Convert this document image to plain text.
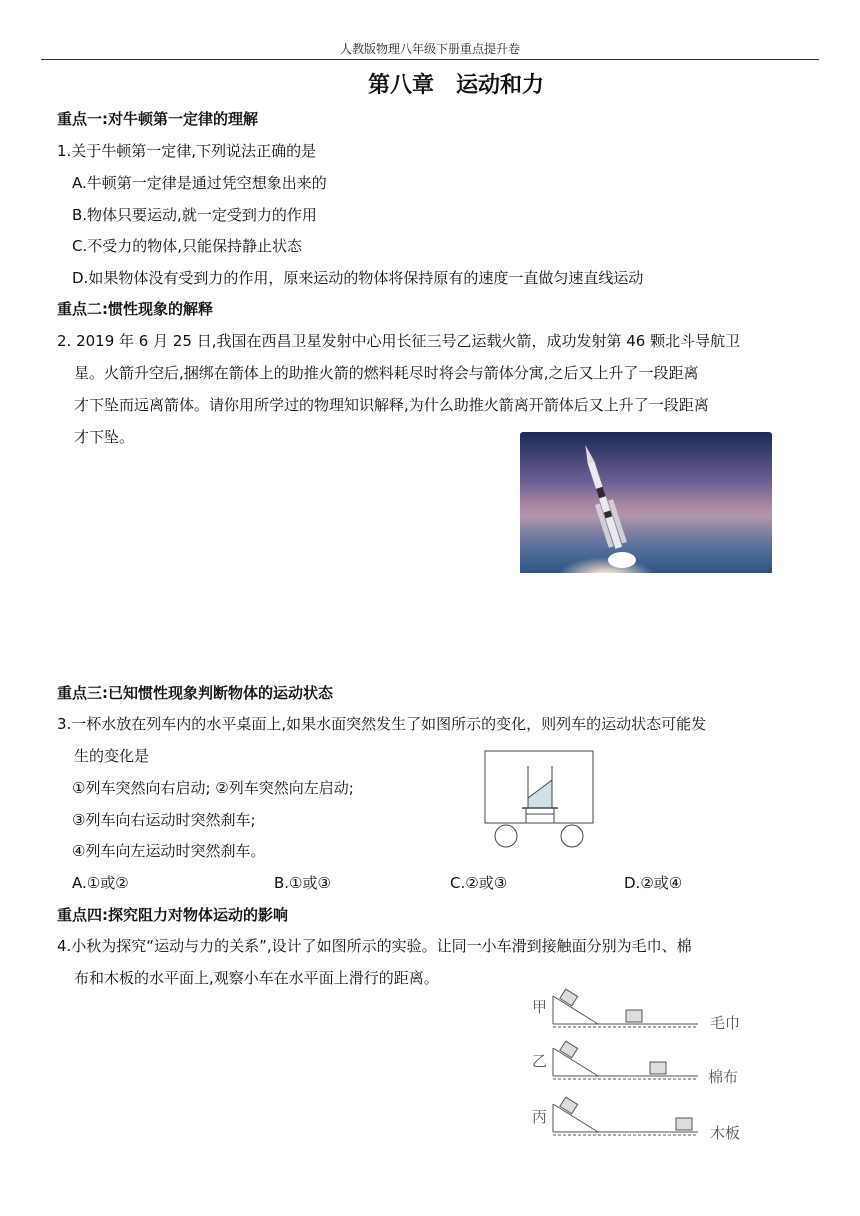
人教版物理八年级下册重点提升卷
第八章 运动和力
重点一:对牛顿第一定律的理解
1.关于牛顿第一定律,下列说法正确的是
A.牛顿第一定律是通过凭空想象出来的
B.物体只要运动,就一定受到力的作用
C.不受力的物体,只能保持静止状态
D.如果物体没有受到力的作用，原来运动的物体将保持原有的速度一直做匀速直线运动
重点二:惯性现象的解释
2. 2019 年 6 月 25 日,我国在西昌卫星发射中心用长征三号乙运载火箭，成功发射第 46 颗北斗导航卫
星。火箭升空后,捆绑在箭体上的助推火箭的燃料耗尽时将会与箭体分寓,之后又上升了一段距离
才下坠而远离箭体。请你用所学过的物理知识解释,为什么助推火箭离开箭体后又上升了一段距离
才下坠。
重点三:已知惯性现象判断物体的运动状态
3.一杯水放在列车内的水平桌面上,如果水面突然发生了如图所示的变化，则列车的运动状态可能发
生的变化是
①列车突然向右启动; ②列车突然向左启动;
③列车向右运动时突然刹车;
④列车向左运动时突然刹车。
A.①或②	B.①或③	C.②或③	D.②或④
重点四:探究阻力对物体运动的影响
4.小秋为探究“运动与力的关系”,设计了如图所示的实验。让同一小车滑到接触面分别为毛巾、棉
布和木板的水平面上,观察小车在水平面上滑行的距离。
甲
毛巾
乙
棉布
丙
木板
